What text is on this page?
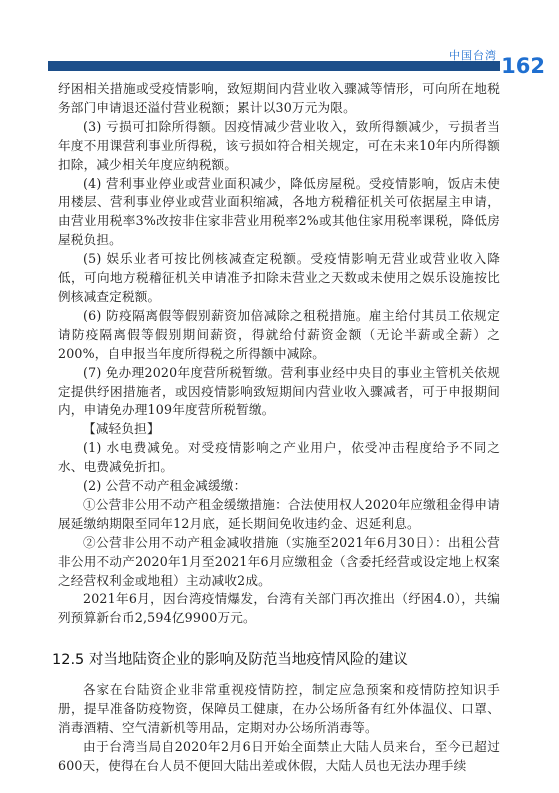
中国台湾 162

纾困相关措施或受疫情影响，致短期间内营业收入骤减等情形，可向所在地税务部门申请退还溢付营业税额；累计以30万元为限。

(3) 亏损可扣除所得额。因疫情减少营业收入，致所得额减少，亏损者当年度不用课营利事业所得税，该亏损如符合相关规定，可在未来10年内所得额扣除，减少相关年度应纳税额。

(4) 营利事业停业或营业面积减少，降低房屋税。受疫情影响，饭店未使用楼层、营利事业停业或营业面积缩减，各地方税稽征机关可依据屋主申请，由营业用税率3%改按非住家非营业用税率2%或其他住家用税率课税，降低房屋税负担。

(5) 娱乐业者可按比例核减查定税额。受疫情影响无营业或营业收入降低，可向地方税稽征机关申请准予扣除未营业之天数或未使用之娱乐设施按比例核减查定税额。

(6) 防疫隔离假等假别薪资加倍减除之租税措施。雇主给付其员工依规定请防疫隔离假等假别期间薪资，得就给付薪资金额（无论半薪或全薪）之200%，自申报当年度所得税之所得额中减除。

(7) 免办理2020年度营所税暂缴。营利事业经中央目的事业主管机关依规定提供纾困措施者，或因疫情影响致短期间内营业收入骤减者，可于申报期间内，申请免办理109年度营所税暂缴。

【减轻负担】

(1) 水电费减免。对受疫情影响之产业用户，依受冲击程度给予不同之水、电费减免折扣。

(2) 公营不动产租金减缓缴：

①公营非公用不动产租金缓缴措施：合法使用权人2020年应缴租金得申请展延缴纳期限至同年12月底，延长期间免收违约金、迟延利息。

②公营非公用不动产租金减收措施（实施至2021年6月30日）：出租公营非公用不动产2020年1月至2021年6月应缴租金（含委托经营或设定地上权案之经营权利金或地租）主动减收2成。

2021年6月，因台湾疫情爆发，台湾有关部门再次推出（纾困4.0），共编列预算新台币2,594亿9900万元。

12.5 对当地陆资企业的影响及防范当地疫情风险的建议

各家在台陆资企业非常重视疫情防控，制定应急预案和疫情防控知识手册，提早准备防疫物资，保障员工健康，在办公场所备有红外体温仪、口罩、消毒酒精、空气清新机等用品，定期对办公场所消毒等。

由于台湾当局自2020年2月6日开始全面禁止大陆人员来台，至今已超过600天，使得在台人员不便回大陆出差或休假，大陆人员也无法办理手续
